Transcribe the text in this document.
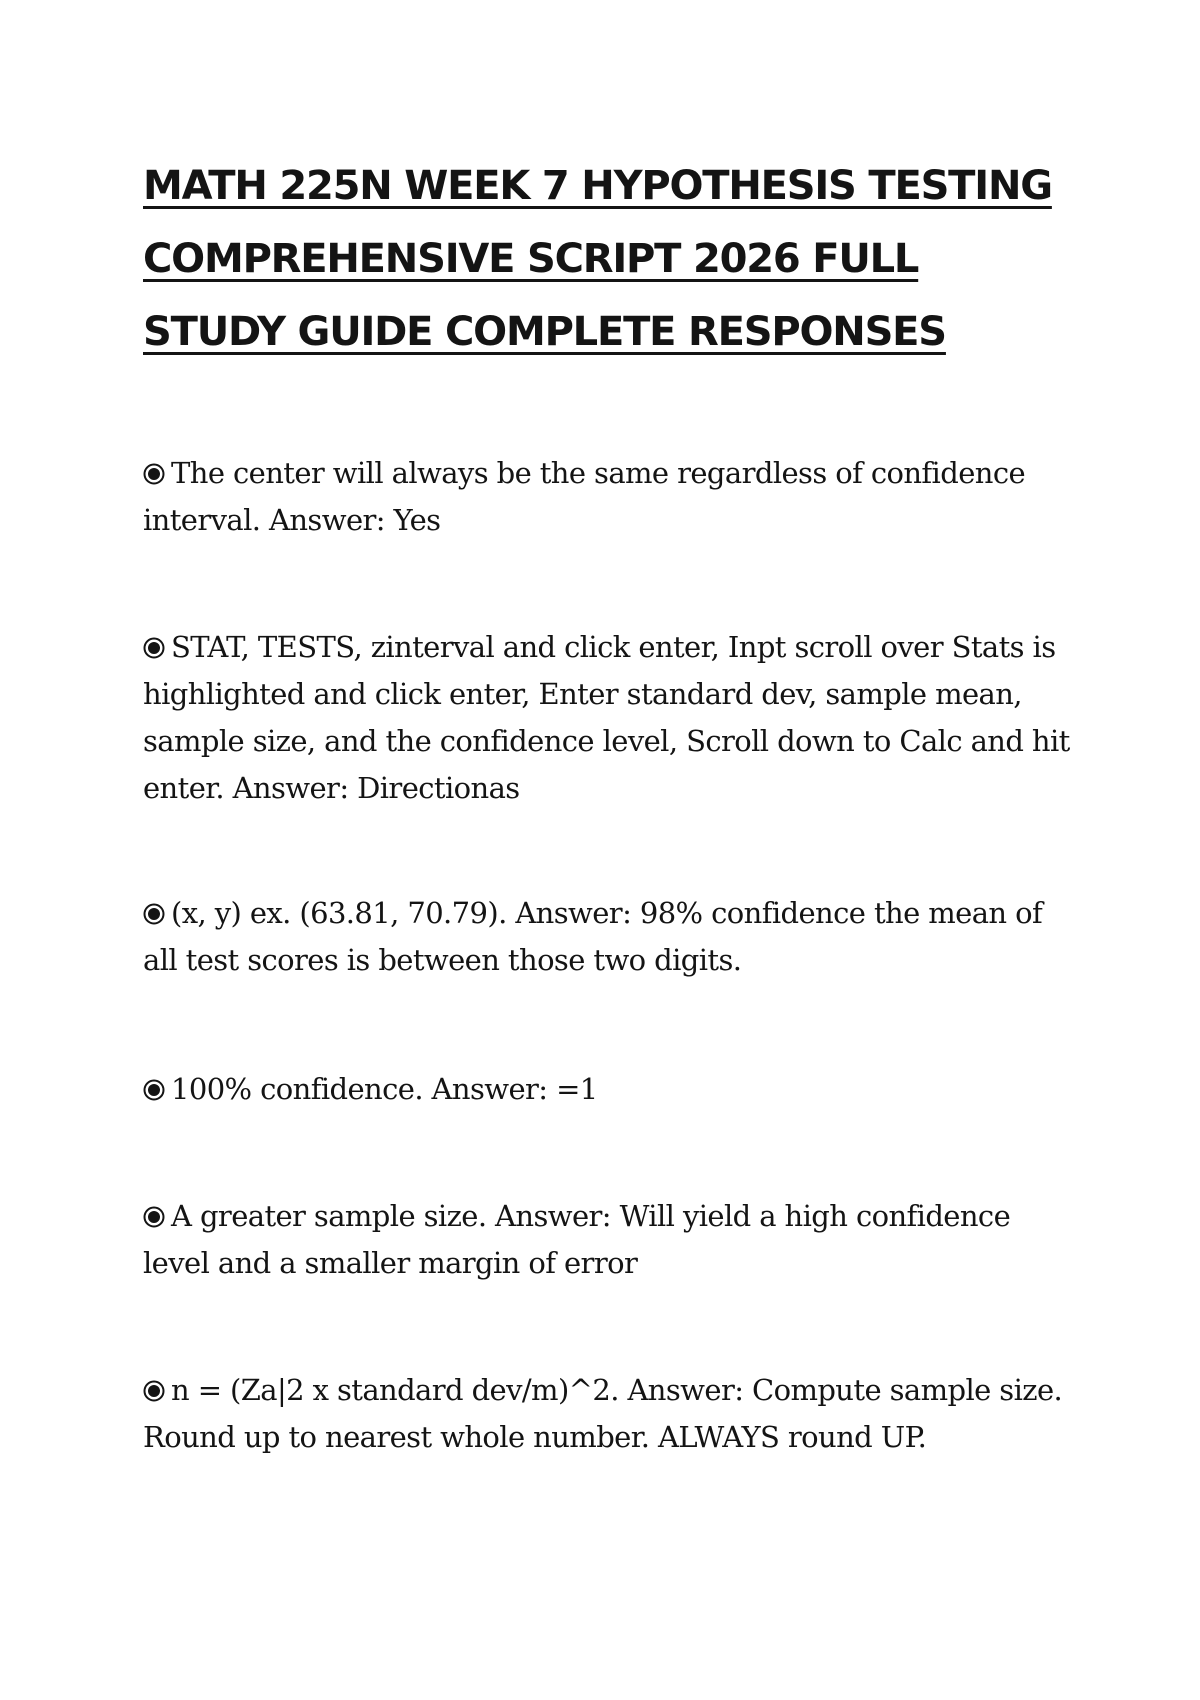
MATH 225N WEEK 7 HYPOTHESIS TESTING COMPREHENSIVE SCRIPT 2026 FULL STUDY GUIDE COMPLETE RESPONSES
The center will always be the same regardless of confidence interval. Answer: Yes
STAT, TESTS, zinterval and click enter, Inpt scroll over Stats is highlighted and click enter, Enter standard dev, sample mean, sample size, and the confidence level, Scroll down to Calc and hit enter. Answer: Directionas
(x, y) ex. (63.81, 70.79). Answer: 98% confidence the mean of all test scores is between those two digits.
100% confidence. Answer: =1
A greater sample size. Answer: Will yield a high confidence level and a smaller margin of error
n = (Za|2 x standard dev/m)^2. Answer: Compute sample size. Round up to nearest whole number. ALWAYS round UP.
